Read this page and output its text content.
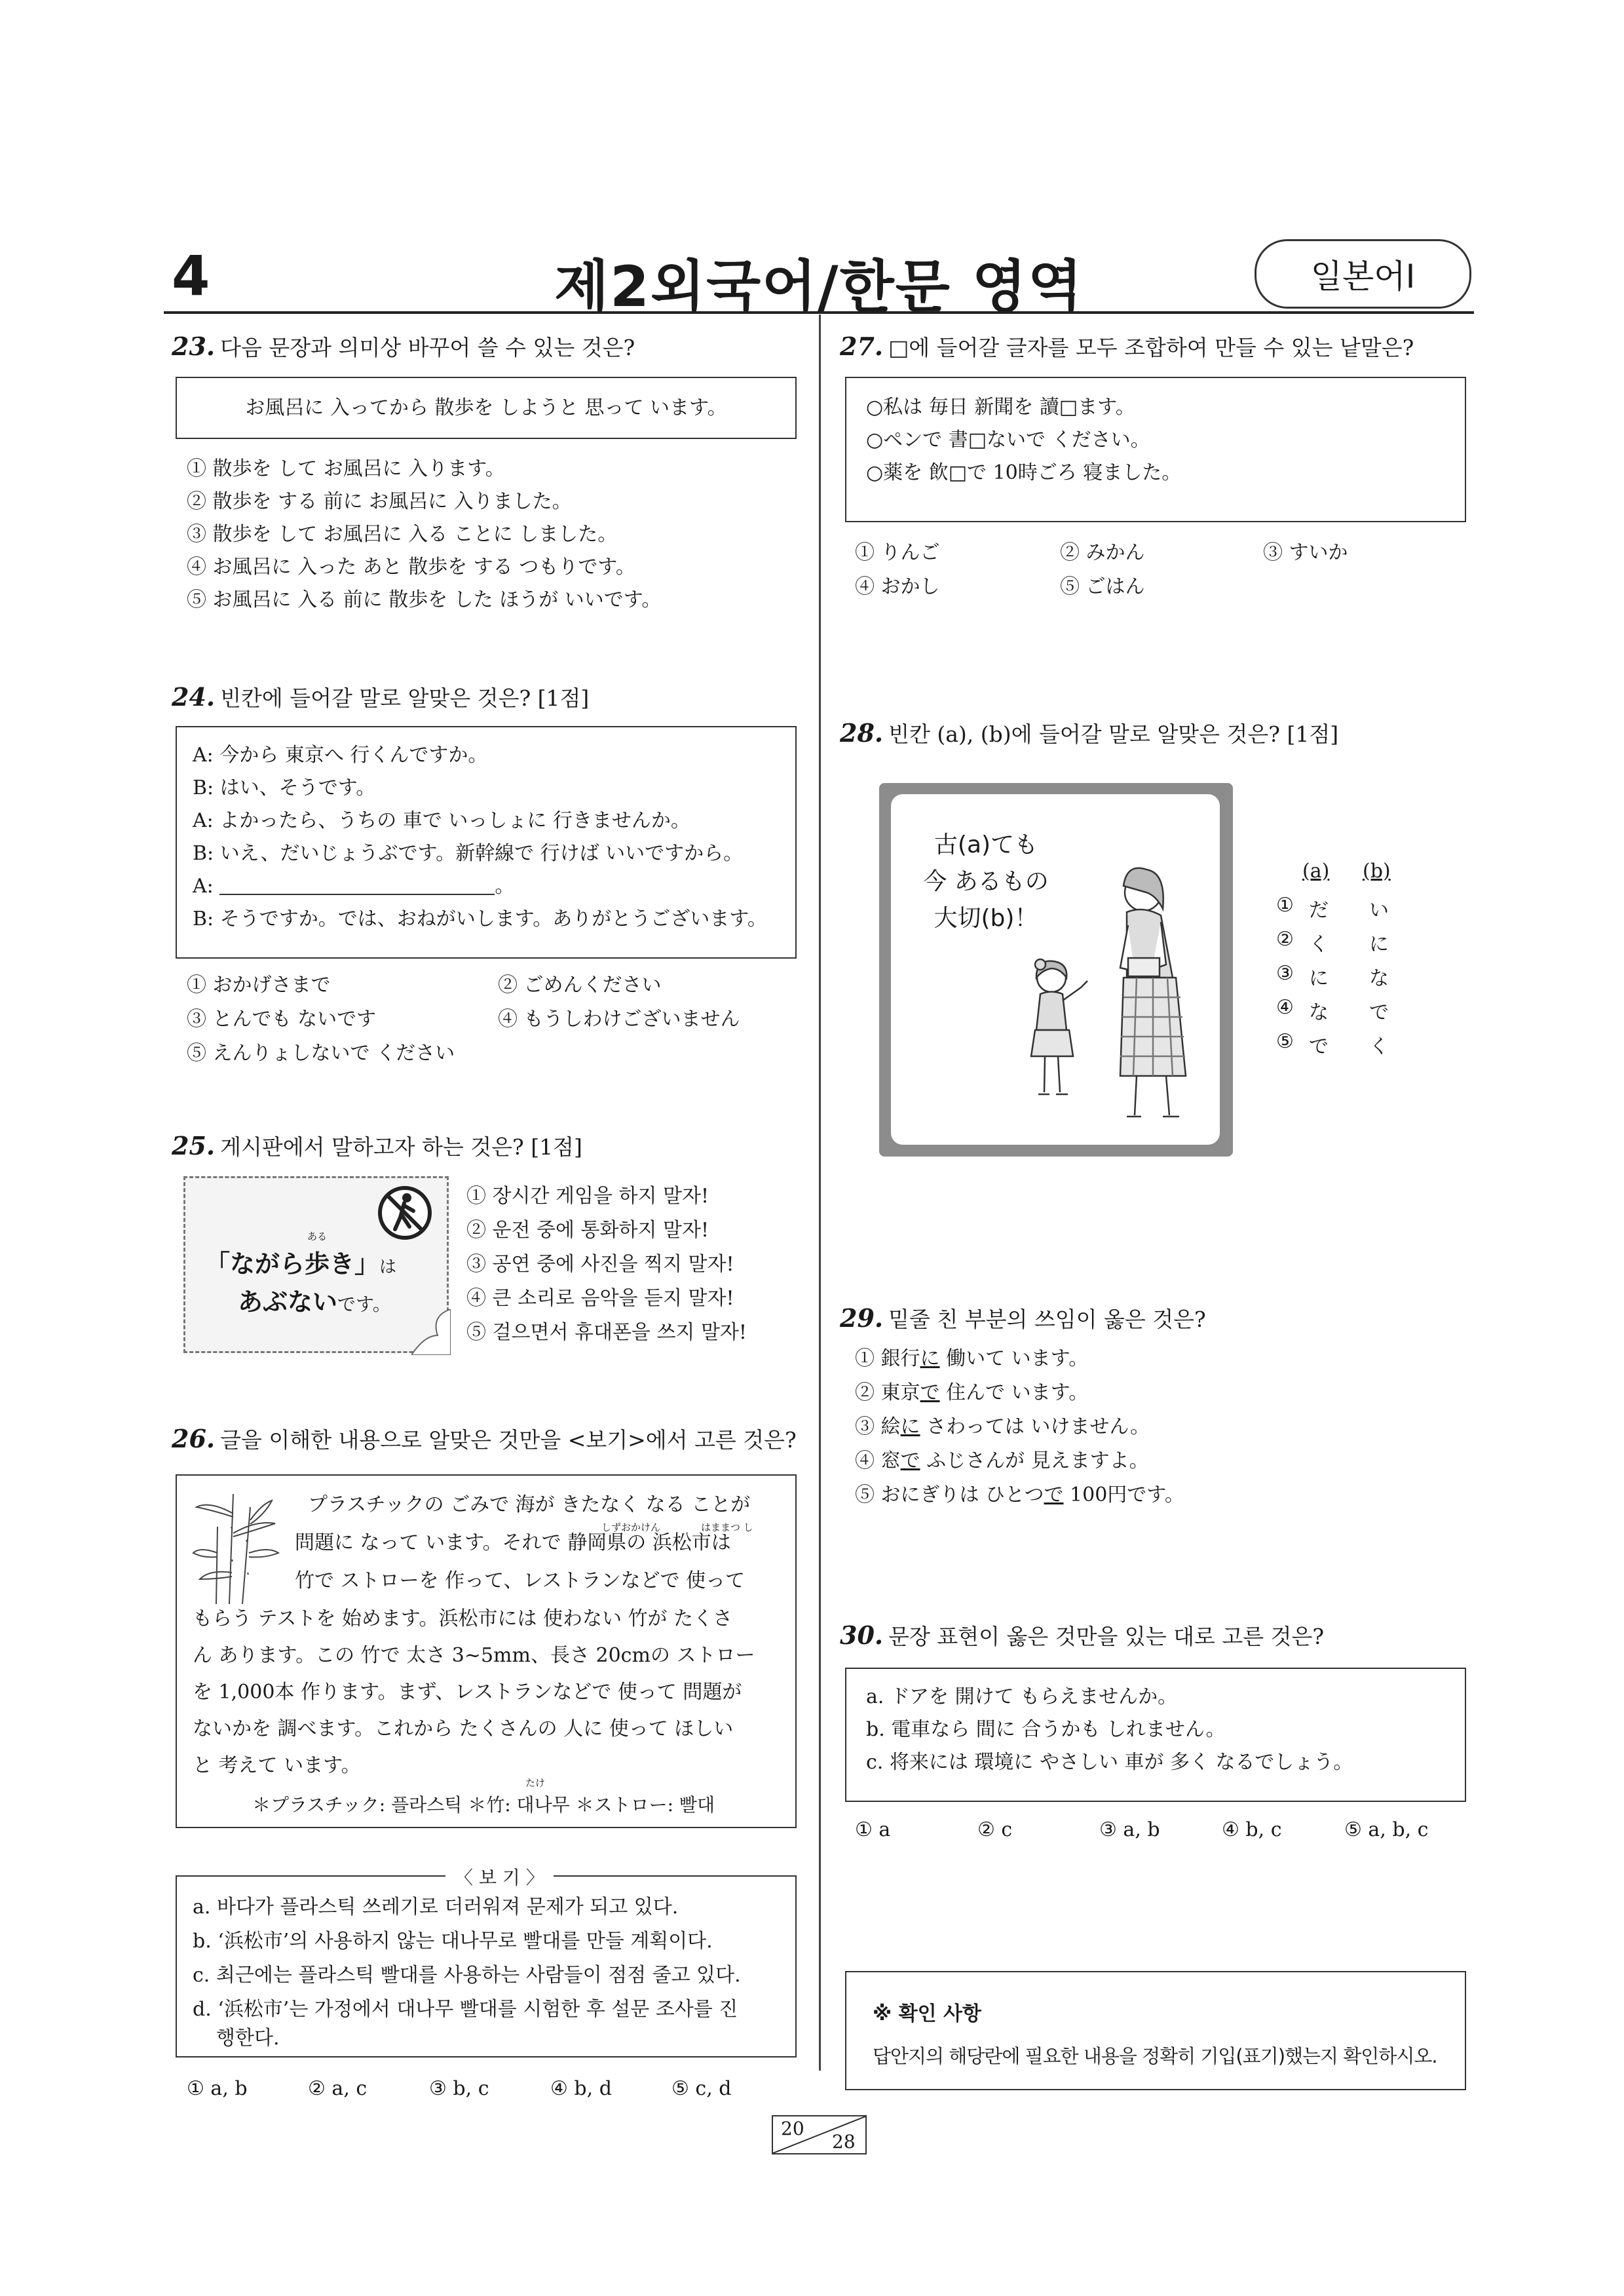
4	제2외국어/한문 영역	일본어Ⅰ
23. 다음 문장과 의미상 바꾸어 쓸 수 있는 것은?
お風呂に 入ってから 散歩を しようと 思って います。
① 散歩を して お風呂に 入ります。
② 散歩を する 前に お風呂に 入りました。
③ 散歩を して お風呂に 入る ことに しました。
④ お風呂に 入った あと 散歩を する つもりです。
⑤ お風呂に 入る 前に 散歩を した ほうが いいです。
24. 빈칸에 들어갈 말로 알맞은 것은? [1점]
A: 今から 東京へ 行くんですか。
B: はい、そうです。
A: よかったら、うちの 車で いっしょに 行きませんか。
B: いえ、だいじょうぶです。新幹線で 行けば いいですから。
A:	。
B: そうですか。では、おねがいします。ありがとうございます。
① おかげさまで	② ごめんください
③ とんでも ないです	④ もうしわけございません
⑤ えんりょしないで ください
25. 게시판에서 말하고자 하는 것은? [1점]
ある
「ながら歩き」は
あぶないです。
① 장시간 게임을 하지 말자!
② 운전 중에 통화하지 말자!
③ 공연 중에 사진을 찍지 말자!
④ 큰 소리로 음악을 듣지 말자!
⑤ 걸으면서 휴대폰을 쓰지 말자!
26. 글을 이해한 내용으로 알맞은 것만을 <보기>에서 고른 것은?
しずおかけん	はままつ し
プラスチックの ごみで 海が きたなく なる ことが
問題に なって います。それで 静岡県の 浜松市は
竹で ストローを 作って、レストランなどで 使って
もらう テストを 始めます。浜松市には 使わない 竹が たくさ
ん あります。この 竹で 太さ 3~5mm、長さ 20cmの ストロー
を 1,000本 作ります。まず、レストランなどで 使って 問題が
ないかを 調べます。これから たくさんの 人に 使って ほしい
と 考えて います。
たけ
＊プラスチック: 플라스틱 ＊竹: 대나무 ＊ストロー: 빨대
〈 보 기 〉
a. 바다가 플라스틱 쓰레기로 더러워져 문제가 되고 있다.
b. ‘浜松市’의 사용하지 않는 대나무로 빨대를 만들 계획이다.
c. 최근에는 플라스틱 빨대를 사용하는 사람들이 점점 줄고 있다.
d. ‘浜松市’는 가정에서 대나무 빨대를 시험한 후 설문 조사를 진
행한다.
① a, b	② a, c	③ b, c	④ b, d	⑤ c, d
27. □에 들어갈 글자를 모두 조합하여 만들 수 있는 낱말은?
○私は 毎日 新聞を 讀□ます。
○ペンで 書□ないで ください。
○薬を 飲□で 10時ごろ 寝ました。
① りんご	② みかん	③ すいか
④ おかし	⑤ ごはん
28. 빈칸 (a), (b)에 들어갈 말로 알맞은 것은? [1점]
古(a)ても
今 あるもの
大切(b)！
(a) (b)
① だ い
② く に
③ に な
④ な で
⑤ で く
29. 밑줄 친 부분의 쓰임이 옳은 것은?
① 銀行に 働いて います。
② 東京で 住んで います。
③ 絵に さわっては いけません。
④ 窓で ふじさんが 見えますよ。
⑤ おにぎりは ひとつで 100円です。
30. 문장 표현이 옳은 것만을 있는 대로 고른 것은?
a. ドアを 開けて もらえませんか。
b. 電車なら 間に 合うかも しれません。
c. 将来には 環境に やさしい 車が 多く なるでしょう。
① a	② c	③ a, b	④ b, c	⑤ a, b, c
※ 확인 사항
답안지의 해당란에 필요한 내용을 정확히 기입(표기)했는지 확인하시오.
20
28
